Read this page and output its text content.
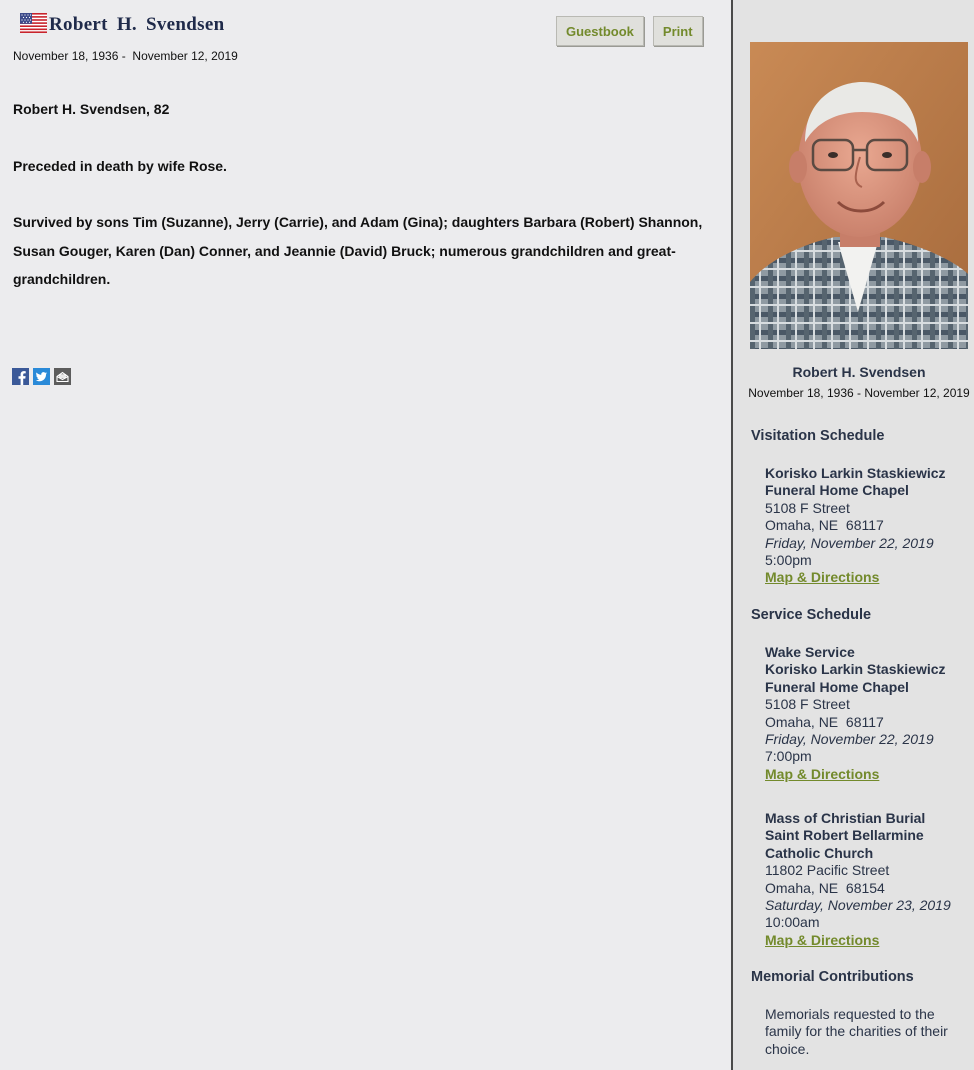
Robert H. Svendsen
November 18, 1936 -  November 12, 2019
Guestbook	Print

Robert H. Svendsen, 82

Preceded in death by wife Rose.

Survived by sons Tim (Suzanne), Jerry (Carrie), and Adam (Gina); daughters Barbara (Robert) Shannon, Susan Gouger, Karen (Dan) Conner, and Jeannie (David) Bruck; numerous grandchildren and great-grandchildren.

Robert H. Svendsen
November 18, 1936 - November 12, 2019
Visitation Schedule
Korisko Larkin Staskiewicz
Funeral Home Chapel
5108 F Street
Omaha, NE  68117
Friday, November 22, 2019
5:00pm
Map & Directions
Service Schedule
Wake Service
Korisko Larkin Staskiewicz
Funeral Home Chapel
5108 F Street
Omaha, NE  68117
Friday, November 22, 2019
7:00pm
Map & Directions
Mass of Christian Burial
Saint Robert Bellarmine
Catholic Church
11802 Pacific Street
Omaha, NE  68154
Saturday, November 23, 2019
10:00am
Map & Directions
Memorial Contributions
Memorials requested to the family for the charities of their choice.
